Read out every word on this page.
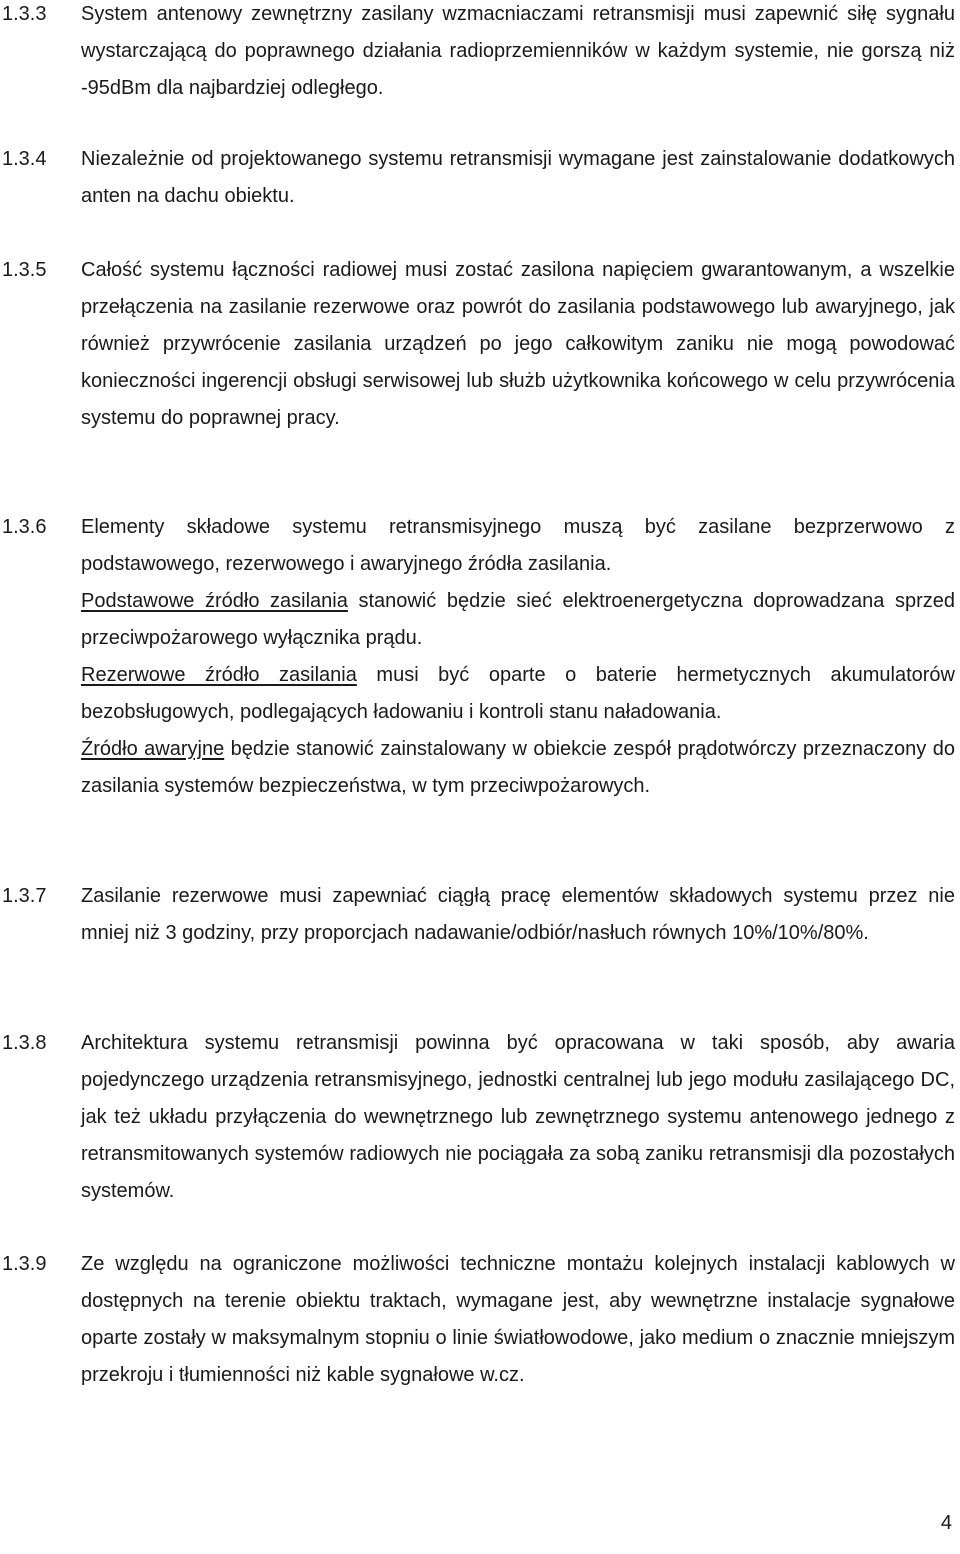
1.3.3 System antenowy zewnętrzny zasilany wzmacniaczami retransmisji musi zapewnić siłę sygnału wystarczającą do poprawnego działania radioprzemienników w każdym systemie, nie gorszą niż -95dBm dla najbardziej odległego.

1.3.4 Niezależnie od projektowanego systemu retransmisji wymagane jest zainstalowanie dodatkowych anten na dachu obiektu.

1.3.5 Całość systemu łączności radiowej musi zostać zasilona napięciem gwarantowanym, a wszelkie przełączenia na zasilanie rezerwowe oraz powrót do zasilania podstawowego lub awaryjnego, jak również przywrócenie zasilania urządzeń po jego całkowitym zaniku nie mogą powodować konieczności ingerencji obsługi serwisowej lub służb użytkownika końcowego w celu przywrócenia systemu do poprawnej pracy.

1.3.6 Elementy składowe systemu retransmisyjnego muszą być zasilane bezprzerwowo z podstawowego, rezerwowego i awaryjnego źródła zasilania.

Podstawowe źródło zasilania stanowić będzie sieć elektroenergetyczna doprowadzana sprzed przeciwpożarowego wyłącznika prądu.

Rezerwowe źródło zasilania musi być oparte o baterie hermetycznych akumulatorów bezobsługowych, podlegających ładowaniu i kontroli stanu naładowania.

Źródło awaryjne będzie stanowić zainstalowany w obiekcie zespół prądotwórczy przeznaczony do zasilania systemów bezpieczeństwa, w tym przeciwpożarowych.

1.3.7 Zasilanie rezerwowe musi zapewniać ciągłą pracę elementów składowych systemu przez nie mniej niż 3 godziny, przy proporcjach nadawanie/odbiór/nasłuch równych 10%/10%/80%.

1.3.8 Architektura systemu retransmisji powinna być opracowana w taki sposób, aby awaria pojedynczego urządzenia retransmisyjnego, jednostki centralnej lub jego modułu zasilającego DC, jak też układu przyłączenia do wewnętrznego lub zewnętrznego systemu antenowego jednego z retransmitowanych systemów radiowych nie pociągała za sobą zaniku retransmisji dla pozostałych systemów.

1.3.9 Ze względu na ograniczone możliwości techniczne montażu kolejnych instalacji kablowych w dostępnych na terenie obiektu traktach, wymagane jest, aby wewnętrzne instalacje sygnałowe oparte zostały w maksymalnym stopniu o linie światłowodowe, jako medium o znacznie mniejszym przekroju i tłumienności niż kable sygnałowe w.cz.

4
